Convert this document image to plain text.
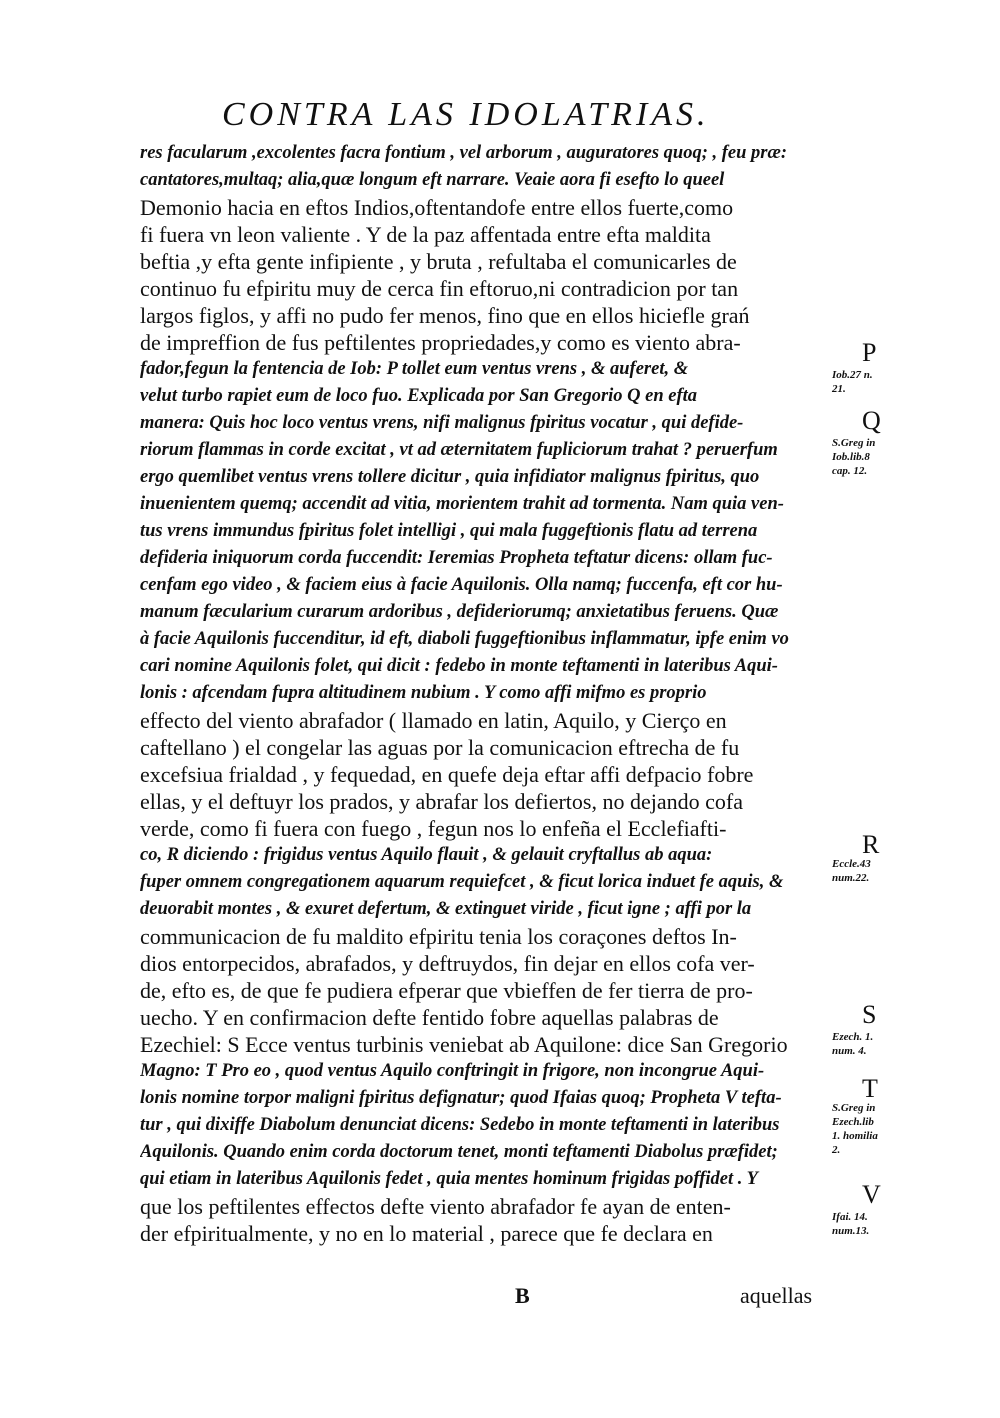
CONTRA LAS IDOLATRIAS.
res facularum ,excolentes facra fontium , vel arborum , auguratores quoq; , feu præ:
cantatores,multaq; alia,quæ longum eft narrare. Veaie aora fi esefto lo queel
Demonio hacia en eftos Indios,oftentandofe entre ellos fuerte,como
fi fuera vn leon valiente . Y de la paz affentada entre efta maldita
beftia ,y efta gente infipiente , y bruta , refultaba el comunicarles de
continuo fu efpiritu muy de cerca fin eftoruo,ni contradicion por tan
largos figlos, y affi no pudo fer menos, fino que en ellos hiciefle grań
de impreffion de fus peftilentes propriedades,y como es viento abra-
fador,fegun la fentencia de Iob: P tollet eum ventus vrens , & auferet, &
velut turbo rapiet eum de loco fuo. Explicada por San Gregorio Q en efta
manera: Quis hoc loco ventus vrens, nifi malignus fpiritus vocatur , qui defide-
riorum flammas in corde excitat , vt ad æternitatem fupliciorum trahat ? peruerfum
ergo quemlibet ventus vrens tollere dicitur , quia infidiator malignus fpiritus, quo
inuenientem quemq; accendit ad vitia, morientem trahit ad tormenta. Nam quia ven-
tus vrens immundus fpiritus folet intelligi , qui mala fuggeftionis flatu ad terrena
defideria iniquorum corda fuccendit: Ieremias Propheta teftatur dicens: ollam fuc-
cenfam ego video , & faciem eius à facie Aquilonis. Olla namq; fuccenfa, eft cor hu-
manum fæcularium curarum ardoribus , defideriorumq; anxietatibus feruens. Quæ
à facie Aquilonis fuccenditur, id eft, diaboli fuggeftionibus inflammatur, ipfe enim vo
cari nomine Aquilonis folet, qui dicit : fedebo in monte teftamenti in lateribus Aqui-
lonis : afcendam fupra altitudinem nubium . Y como affi mifmo es proprio
effecto del viento abrafador ( llamado en latin, Aquilo, y Cierço en
caftellano ) el congelar las aguas por la comunicacion eftrecha de fu
excefsiua frialdad , y fequedad, en quefe deja eftar affi defpacio fobre
ellas, y el deftuyr los prados, y abrafar los defiertos, no dejando cofa
verde, como fi fuera con fuego , fegun nos lo enfeña el Ecclefiafti-
co, R diciendo : frigidus ventus Aquilo flauit , & gelauit cryftallus ab aqua:
fuper omnem congregationem aquarum requiefcet , & ficut lorica induet fe aquis, &
deuorabit montes , & exuret defertum, & extinguet viride , ficut igne ; affi por la
communicacion de fu maldito efpiritu tenia los coraçones deftos In-
dios entorpecidos, abrafados, y deftruydos, fin dejar en ellos cofa ver-
de, efto es, de que fe pudiera efperar que vbieffen de fer tierra de pro-
uecho. Y en confirmacion defte fentido fobre aquellas palabras de
Ezechiel: S Ecce ventus turbinis veniebat ab Aquilone: dice San Gregorio
Magno: T Pro eo , quod ventus Aquilo conftringit in frigore, non incongrue Aqui-
lonis nomine torpor maligni fpiritus defignatur; quod Ifaias quoq; Propheta V tefta-
tur , qui dixiffe Diabolum denunciat dicens: Sedebo in monte teftamenti in lateribus
Aquilonis. Quando enim corda doctorum tenet, monti teftamenti Diabolus præfidet;
qui etiam in lateribus Aquilonis fedet , quia mentes hominum frigidas poffidet . Y
que los peftilentes effectos defte viento abrafador fe ayan de enten-
der efpiritualmente, y no en lo material , parece que fe declara en
P
Iob.27 n.
21.
Q
S.Greg in
Iob.lib.8
cap. 12.
R
Eccle.43
num.22.
S
Ezech. 1.
num. 4.
T
S.Greg in
Ezech.lib
1. homilia
2.
V
Ifai. 14.
num.13.
B	aquellas
